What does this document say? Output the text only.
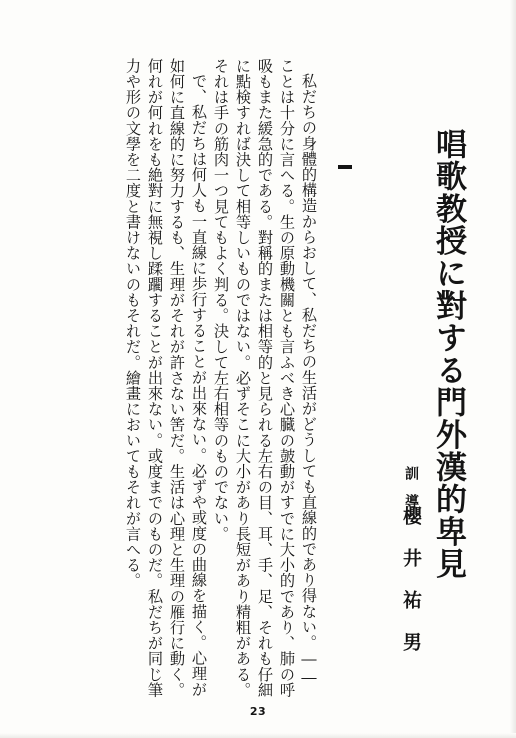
唱歌教授に對する門外漢的卑見
訓導
櫻井祐男

私だちの身體的構造からおして、私だちの生活がどうしても直線的であり得ない。――ことは十分に言へる。生の原動機關とも言ふべき心臓の皷動がすでに大小的であり、肺の呼吸もまた緩急的である。對稱的または相等的と見られる左右の目、耳、手、足、それも仔細に點検すれば決して相等しいものではない。必ずそこに大小があり長短があり精粗がある。それは手の筋肉一つ見てもよく判る。決して左右相等のものでない。

で、私だちは何人も一直線に歩行することが出來ない。必ずや或度の曲線を描く。心理が如何に直線的に努力するも、生理がそれが許さない筈だ。生活は心理と生理の雁行に動く。何れが何れをも絶對に無視し蹂躙することが出來ない。或度までのものだ。私だちが同じ筆力や形の文學を二度と書けないのもそれだ。繪畫においてもそれが言へる。

23
